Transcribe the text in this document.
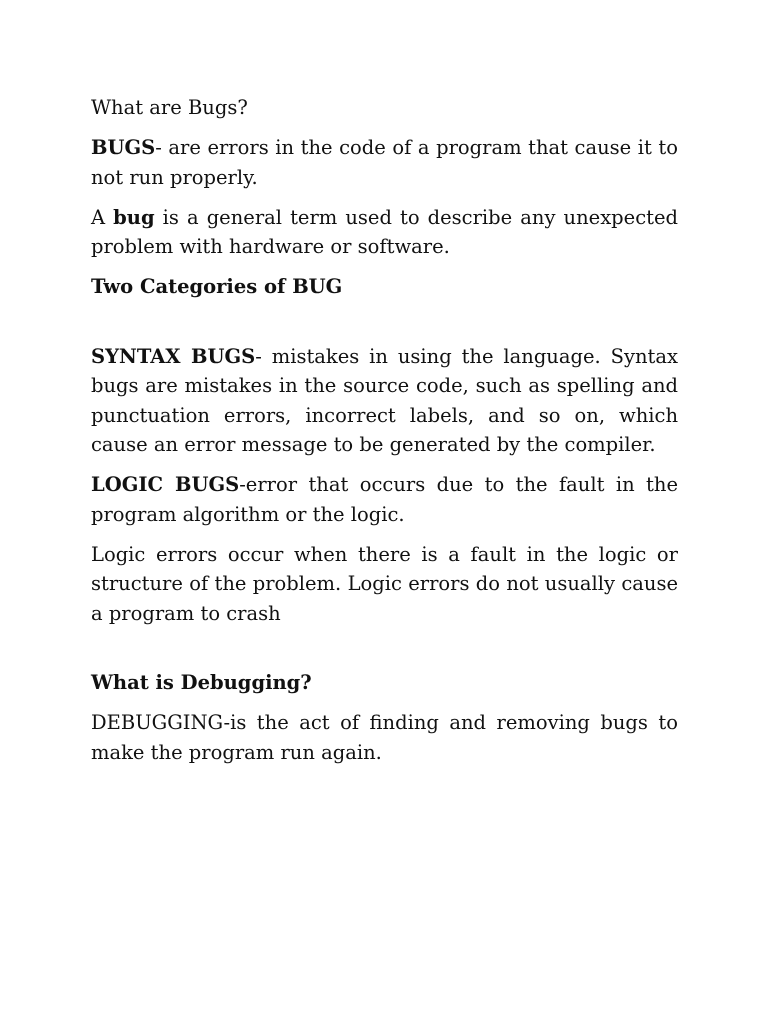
What are Bugs?

BUGS- are errors in the code of a program that cause it to not run properly.

A bug is a general term used to describe any unexpected problem with hardware or software.

Two Categories of BUG

SYNTAX BUGS- mistakes in using the language. Syntax bugs are mistakes in the source code, such as spelling and punctuation errors, incorrect labels, and so on, which cause an error message to be generated by the compiler.

LOGIC BUGS-error that occurs due to the fault in the program algorithm or the logic.

Logic errors occur when there is a fault in the logic or structure of the problem. Logic errors do not usually cause a program to crash

What is Debugging?

DEBUGGING-is the act of finding and removing bugs to make the program run again.
